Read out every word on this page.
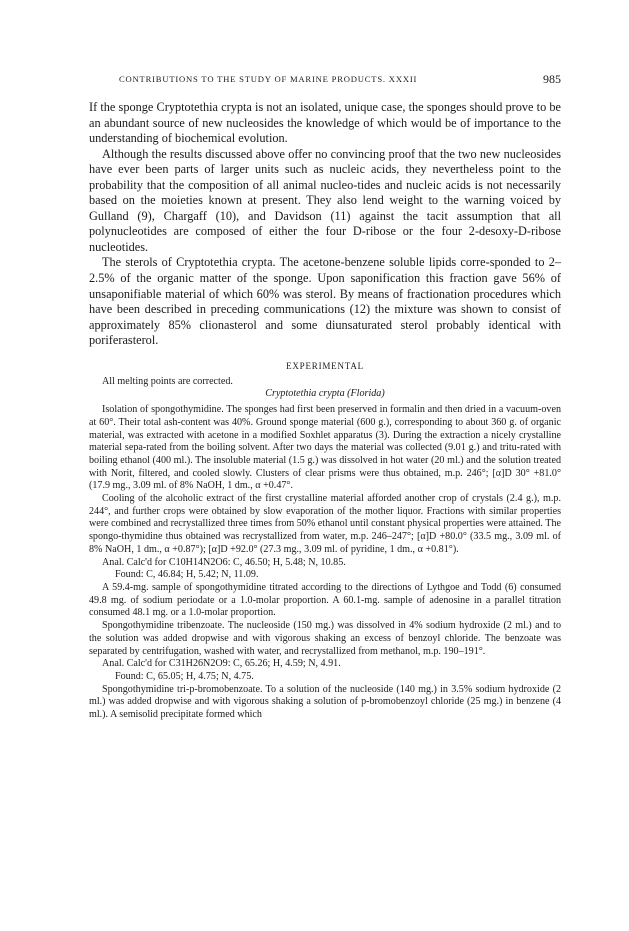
CONTRIBUTIONS TO THE STUDY OF MARINE PRODUCTS. XXXII	985

If the sponge Cryptotethia crypta is not an isolated, unique case, the sponges should prove to be an abundant source of new nucleosides the knowledge of which would be of importance to the understanding of biochemical evolution.

Although the results discussed above offer no convincing proof that the two new nucleosides have ever been parts of larger units such as nucleic acids, they nevertheless point to the probability that the composition of all animal nucleo-tides and nucleic acids is not necessarily based on the moieties known at present. They also lend weight to the warning voiced by Gulland (9), Chargaff (10), and Davidson (11) against the tacit assumption that all polynucleotides are composed of either the four D-ribose or the four 2-desoxy-D-ribose nucleotides.

The sterols of Cryptotethia crypta. The acetone-benzene soluble lipids corre-sponded to 2–2.5% of the organic matter of the sponge. Upon saponification this fraction gave 56% of unsaponifiable material of which 60% was sterol. By means of fractionation procedures which have been described in preceding communications (12) the mixture was shown to consist of approximately 85% clionasterol and some diunsaturated sterol probably identical with poriferasterol.

EXPERIMENTAL

All melting points are corrected.

Cryptotethia crypta (Florida)

Isolation of spongothymidine. The sponges had first been preserved in formalin and then dried in a vacuum-oven at 60°. Their total ash-content was 40%. Ground sponge material (600 g.), corresponding to about 360 g. of organic material, was extracted with acetone in a modified Soxhlet apparatus (3). During the extraction a nicely crystalline material sepa-rated from the boiling solvent. After two days the material was collected (9.01 g.) and tritu-rated with boiling ethanol (400 ml.). The insoluble material (1.5 g.) was dissolved in hot water (20 ml.) and the solution treated with Norit, filtered, and cooled slowly. Clusters of clear prisms were thus obtained, m.p. 246°; [α]D 30° +81.0° (17.9 mg., 3.09 ml. of 8% NaOH, 1 dm., α +0.47°.

Cooling of the alcoholic extract of the first crystalline material afforded another crop of crystals (2.4 g.), m.p. 244°, and further crops were obtained by slow evaporation of the mother liquor. Fractions with similar properties were combined and recrystallized three times from 50% ethanol until constant physical properties were attained. The spongo-thymidine thus obtained was recrystallized from water, m.p. 246–247°; [α]D +80.0° (33.5 mg., 3.09 ml. of 8% NaOH, 1 dm., α +0.87°); [α]D +92.0° (27.3 mg., 3.09 ml. of pyridine, 1 dm., α +0.81°).

Anal. Calc'd for C10H14N2O6: C, 46.50; H, 5.48; N, 10.85.

Found: C, 46.84; H, 5.42; N, 11.09.

A 59.4-mg. sample of spongothymidine titrated according to the directions of Lythgoe and Todd (6) consumed 49.8 mg. of sodium periodate or a 1.0-molar proportion. A 60.1-mg. sample of adenosine in a parallel titration consumed 48.1 mg. or a 1.0-molar proportion.

Spongothymidine tribenzoate. The nucleoside (150 mg.) was dissolved in 4% sodium hydroxide (2 ml.) and to the solution was added dropwise and with vigorous shaking an excess of benzoyl chloride. The benzoate was separated by centrifugation, washed with water, and recrystallized from methanol, m.p. 190–191°.

Anal. Calc'd for C31H26N2O9: C, 65.26; H, 4.59; N, 4.91.

Found: C, 65.05; H, 4.75; N, 4.75.

Spongothymidine tri-p-bromobenzoate. To a solution of the nucleoside (140 mg.) in 3.5% sodium hydroxide (2 ml.) was added dropwise and with vigorous shaking a solution of p-bromobenzoyl chloride (25 mg.) in benzene (4 ml.). A semisolid precipitate formed which
